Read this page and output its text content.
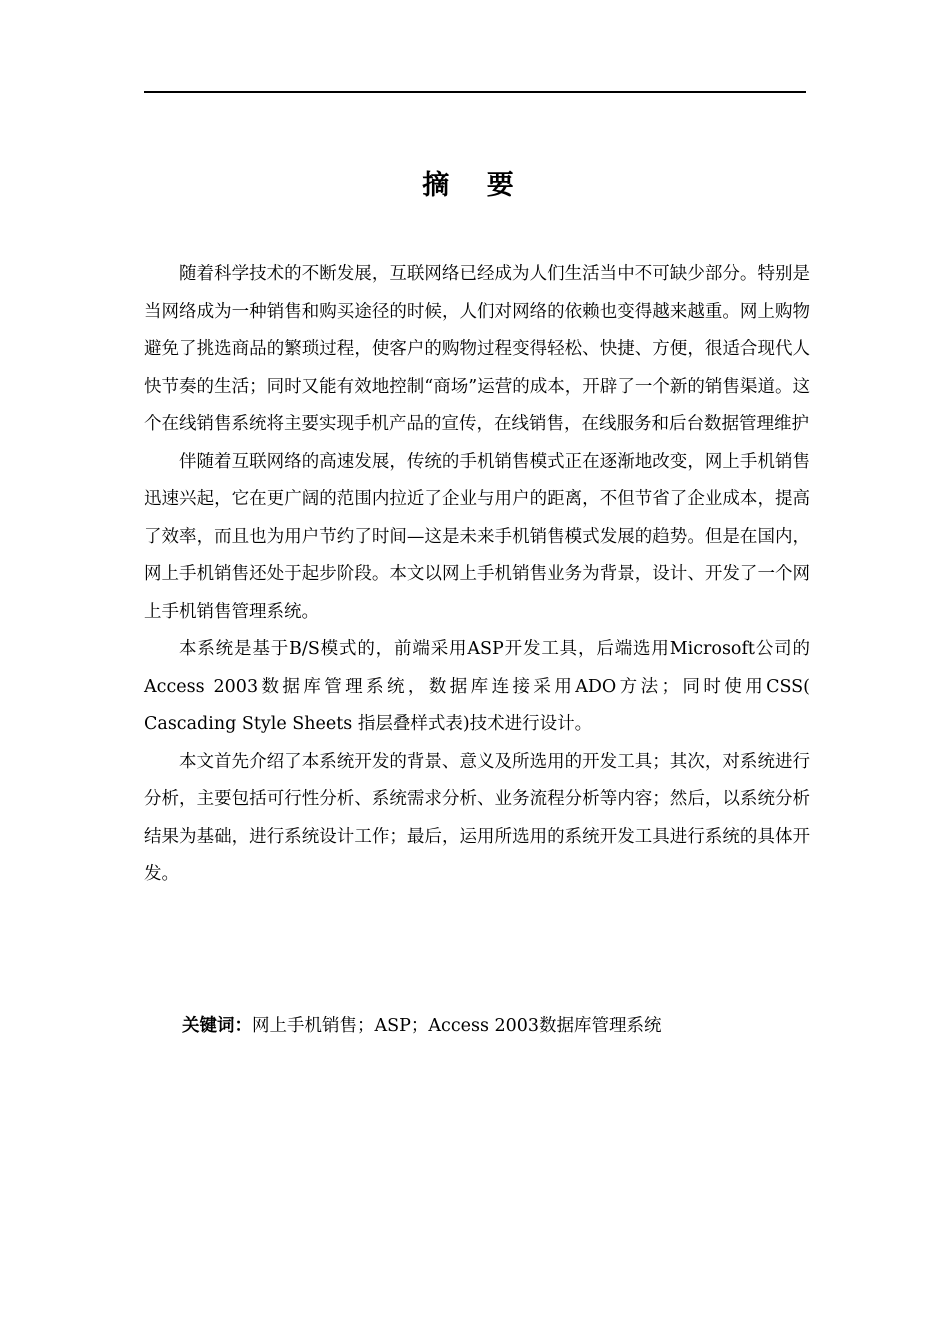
摘 要

随着科学技术的不断发展，互联网络已经成为人们生活当中不可缺少部分。特别是当网络成为一种销售和购买途径的时候，人们对网络的依赖也变得越来越重。网上购物避免了挑选商品的繁琐过程，使客户的购物过程变得轻松、快捷、方便，很适合现代人快节奏的生活；同时又能有效地控制“商场”运营的成本，开辟了一个新的销售渠道。这个在线销售系统将主要实现手机产品的宣传，在线销售，在线服务和后台数据管理维护

伴随着互联网络的高速发展，传统的手机销售模式正在逐渐地改变，网上手机销售迅速兴起，它在更广阔的范围内拉近了企业与用户的距离，不但节省了企业成本，提高了效率，而且也为用户节约了时间—这是未来手机销售模式发展的趋势。但是在国内，网上手机销售还处于起步阶段。本文以网上手机销售业务为背景，设计、开发了一个网上手机销售管理系统。

本系统是基于B/S模式的，前端采用ASP开发工具，后端选用Microsoft公司的Access 2003数据库管理系统，数据库连接采用ADO方法；同时使用CSS( Cascading Style Sheets 指层叠样式表)技术进行设计。

本文首先介绍了本系统开发的背景、意义及所选用的开发工具；其次，对系统进行分析，主要包括可行性分析、系统需求分析、业务流程分析等内容；然后，以系统分析结果为基础，进行系统设计工作；最后，运用所选用的系统开发工具进行系统的具体开发。

关键词：网上手机销售；ASP；Access 2003数据库管理系统
